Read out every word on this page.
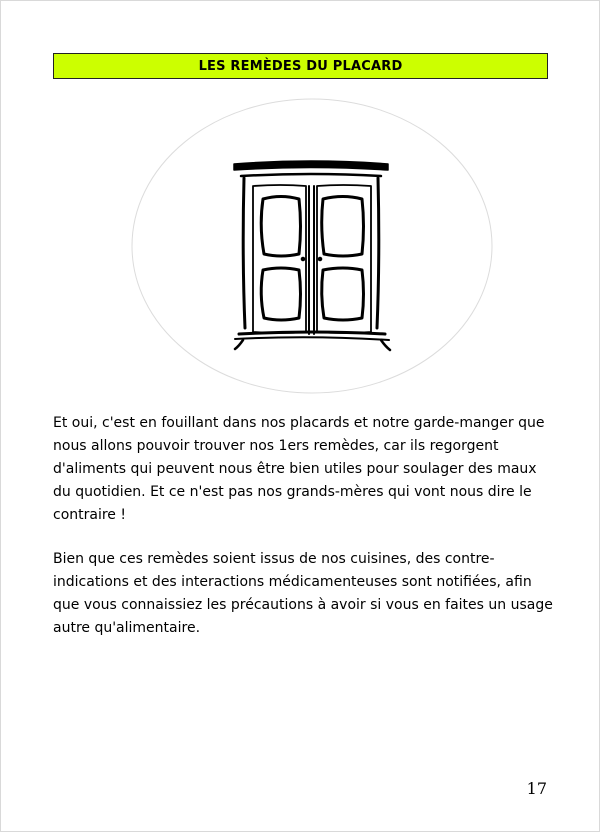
LES REMÈDES DU PLACARD

Et oui, c'est en fouillant dans nos placards et notre garde-manger que nous allons pouvoir trouver nos 1ers remèdes, car ils regorgent d'aliments qui peuvent nous être bien utiles pour soulager des maux du quotidien. Et ce n'est pas nos grands-mères qui vont nous dire le contraire !

Bien que ces remèdes soient issus de nos cuisines, des contre-indications et des interactions médicamenteuses sont notifiées, afin que vous connaissiez les précautions à avoir si vous en faites un usage autre qu'alimentaire.

17
